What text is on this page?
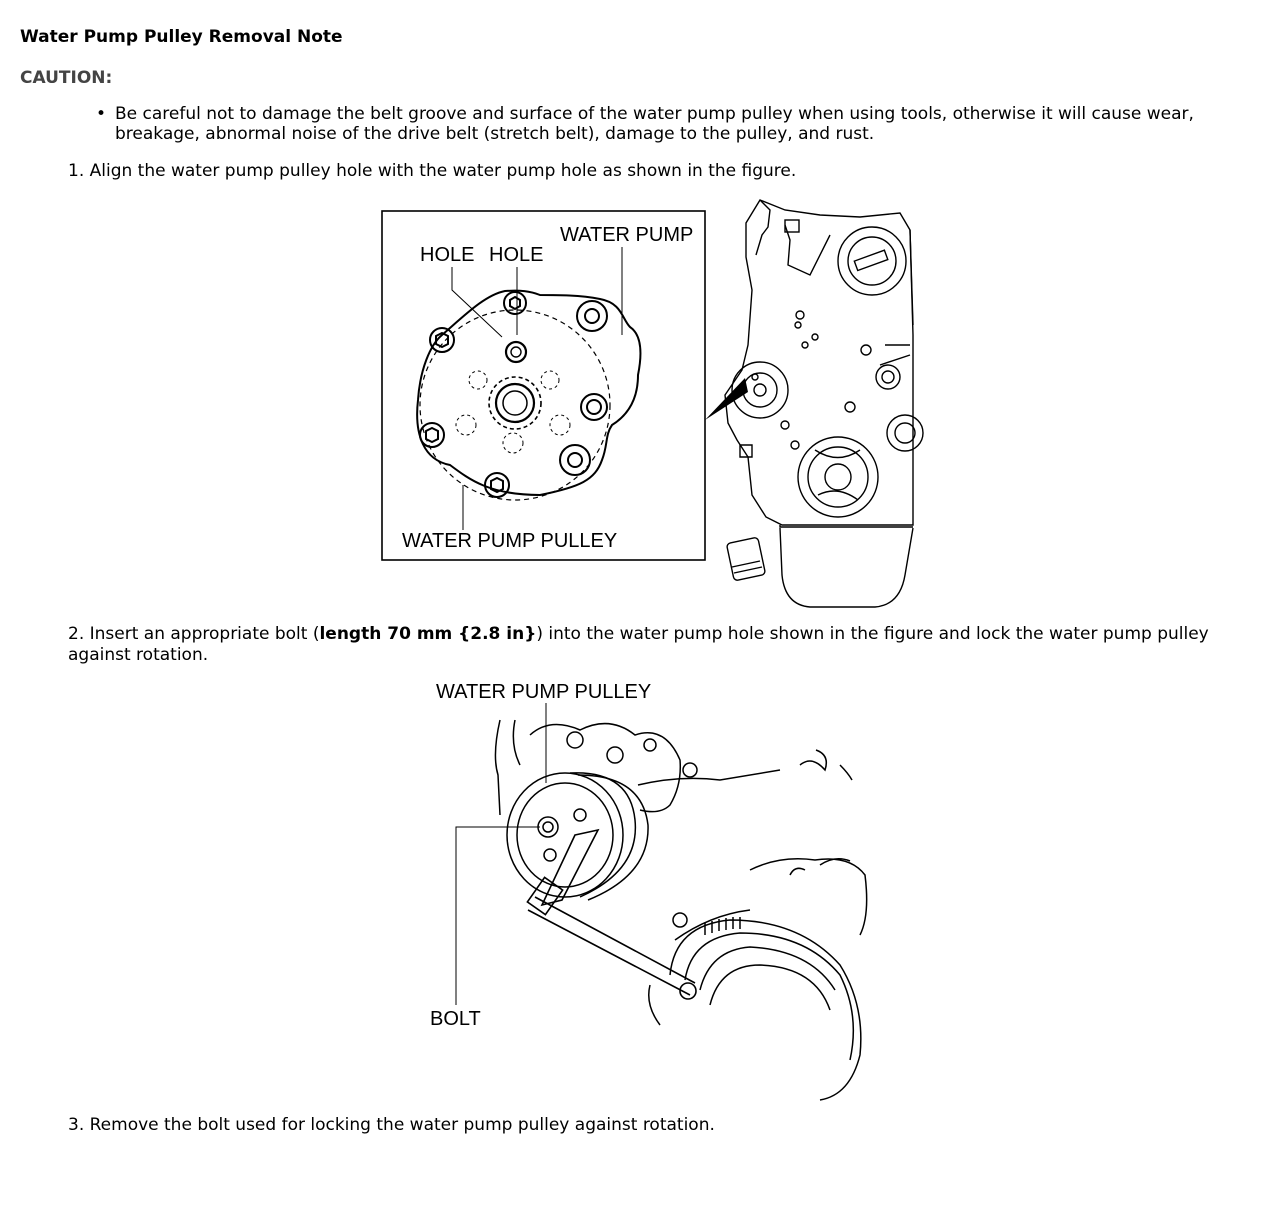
Water Pump Pulley Removal Note
CAUTION:
• Be careful not to damage the belt groove and surface of the water pump pulley when using tools, otherwise it will cause wear, breakage, abnormal noise of the drive belt (stretch belt), damage to the pulley, and rust.
1. Align the water pump pulley hole with the water pump hole as shown in the figure.
HOLE HOLE
WATER PUMP
WATER PUMP PULLEY
2. Insert an appropriate bolt (length 70 mm {2.8 in}) into the water pump hole shown in the figure and lock the water pump pulley against rotation.
WATER PUMP PULLEY
BOLT
3. Remove the bolt used for locking the water pump pulley against rotation.
